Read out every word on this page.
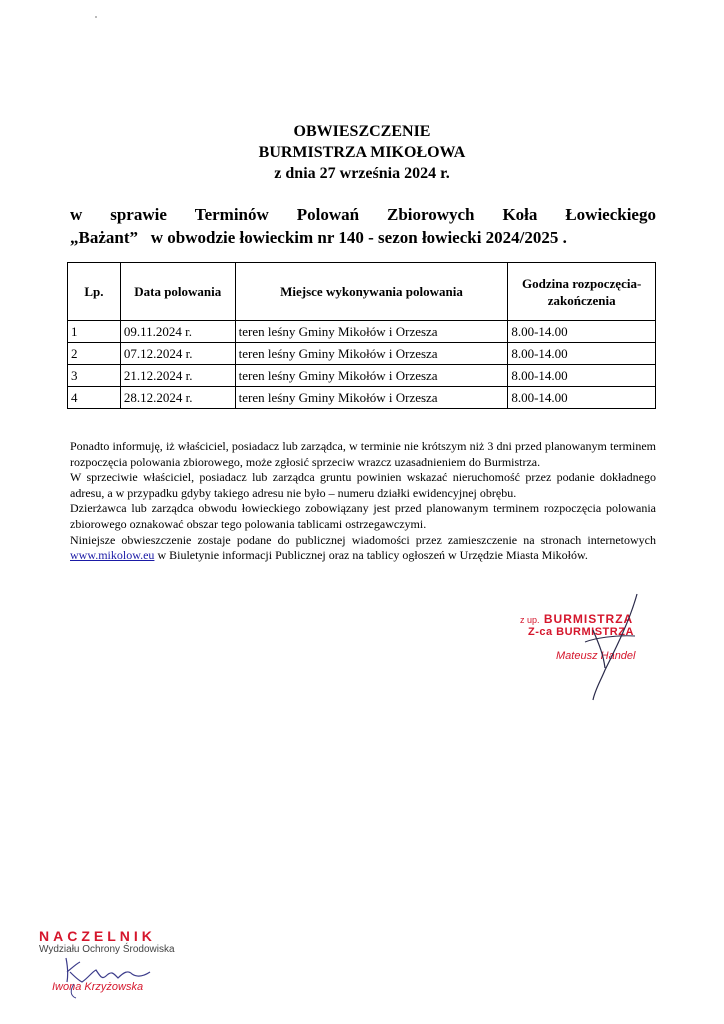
OBWIESZCZENIE
BURMISTRZA MIKOŁOWA
z dnia 27 września 2024 r.
w sprawie Terminów Polowań Zbiorowych Koła Łowieckiego
„Bażant”   w obwodzie łowieckim nr 140 - sezon łowiecki 2024/2025 .
Lp.	Data polowania	Miejsce wykonywania polowania	Godzina rozpoczęcia-zakończenia
1	09.11.2024 r.	teren leśny Gminy Mikołów i Orzesza	8.00-14.00
2	07.12.2024 r.	teren leśny Gminy Mikołów i Orzesza	8.00-14.00
3	21.12.2024 r.	teren leśny Gminy Mikołów i Orzesza	8.00-14.00
4	28.12.2024 r.	teren leśny Gminy Mikołów i Orzesza	8.00-14.00

Ponadto informuję, iż właściciel, posiadacz lub zarządca, w terminie nie krótszym niż 3 dni przed planowanym terminem rozpoczęcia polowania zbiorowego, może zgłosić sprzeciw wrazcz uzasadnieniem do Burmistrza.

W sprzeciwie właściciel, posiadacz lub zarządca gruntu powinien wskazać nieruchomość przez podanie dokładnego adresu, a w przypadku gdyby takiego adresu nie było – numeru działki ewidencyjnej obrębu.

Dzierżawca lub zarządca obwodu łowieckiego zobowiązany jest przed planowanym terminem rozpoczęcia polowania zbiorowego oznakować obszar tego polowania tablicami ostrzegawczymi.

Niniejsze obwieszczenie zostaje podane do publicznej wiadomości przez zamieszczenie na stronach internetowych www.mikolow.eu w Biuletynie informacji Publicznej oraz na tablicy ogłoszeń w Urzędzie Miasta Mikołów.

z up. BURMISTRZA
Z-ca BURMISTRZA
Mateusz Handel
NACZELNIK
Wydziału Ochrony Środowiska
Iwona Krzyżowska
